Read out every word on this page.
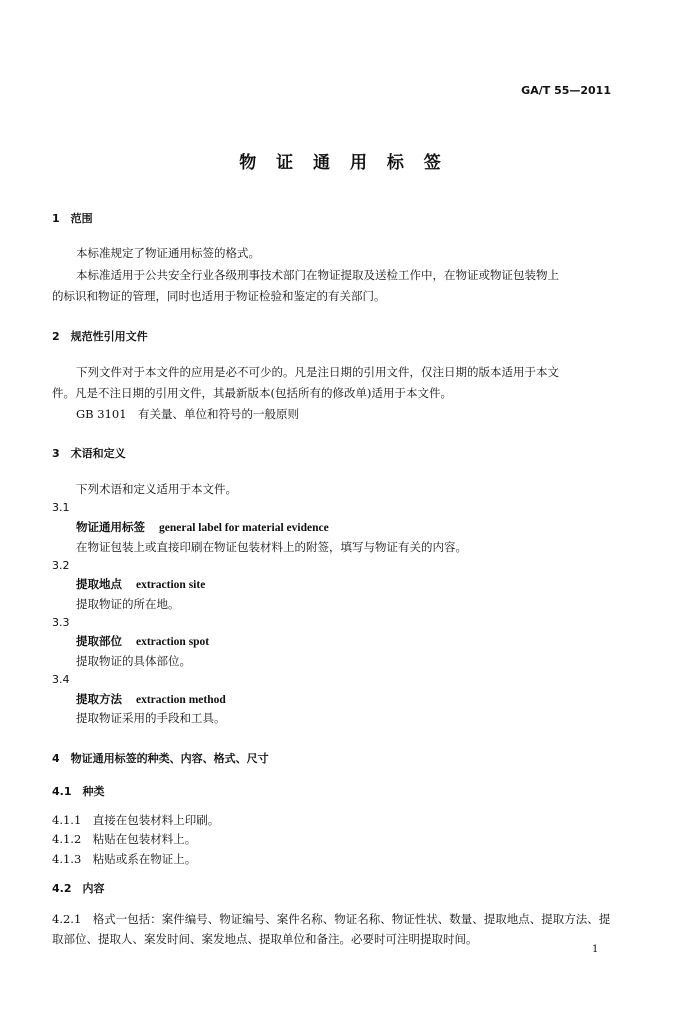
GA/T 55—2011
物 证 通 用 标 签
1　范围
本标准规定了物证通用标签的格式。
本标准适用于公共安全行业各级刑事技术部门在物证提取及送检工作中，在物证或物证包装物上
的标识和物证的管理，同时也适用于物证检验和鉴定的有关部门。
2　规范性引用文件
下列文件对于本文件的应用是必不可少的。凡是注日期的引用文件，仅注日期的版本适用于本文
件。凡是不注日期的引用文件，其最新版本(包括所有的修改单)适用于本文件。
GB 3101　有关量、单位和符号的一般原则
3　术语和定义
下列术语和定义适用于本文件。
3.1
物证通用标签 general label for material evidence
在物证包装上或直接印刷在物证包装材料上的附签，填写与物证有关的内容。
3.2
提取地点 extraction site
提取物证的所在地。
3.3
提取部位 extraction spot
提取物证的具体部位。
3.4
提取方法 extraction method
提取物证采用的手段和工具。
4　物证通用标签的种类、内容、格式、尺寸
4.1　种类
4.1.1　直接在包装材料上印刷。
4.1.2　粘贴在包装材料上。
4.1.3　粘贴或系在物证上。
4.2　内容
4.2.1　格式一包括：案件编号、物证编号、案件名称、物证名称、物证性状、数量、提取地点、提取方法、提
取部位、提取人、案发时间、案发地点、提取单位和备注。必要时可注明提取时间。
1
